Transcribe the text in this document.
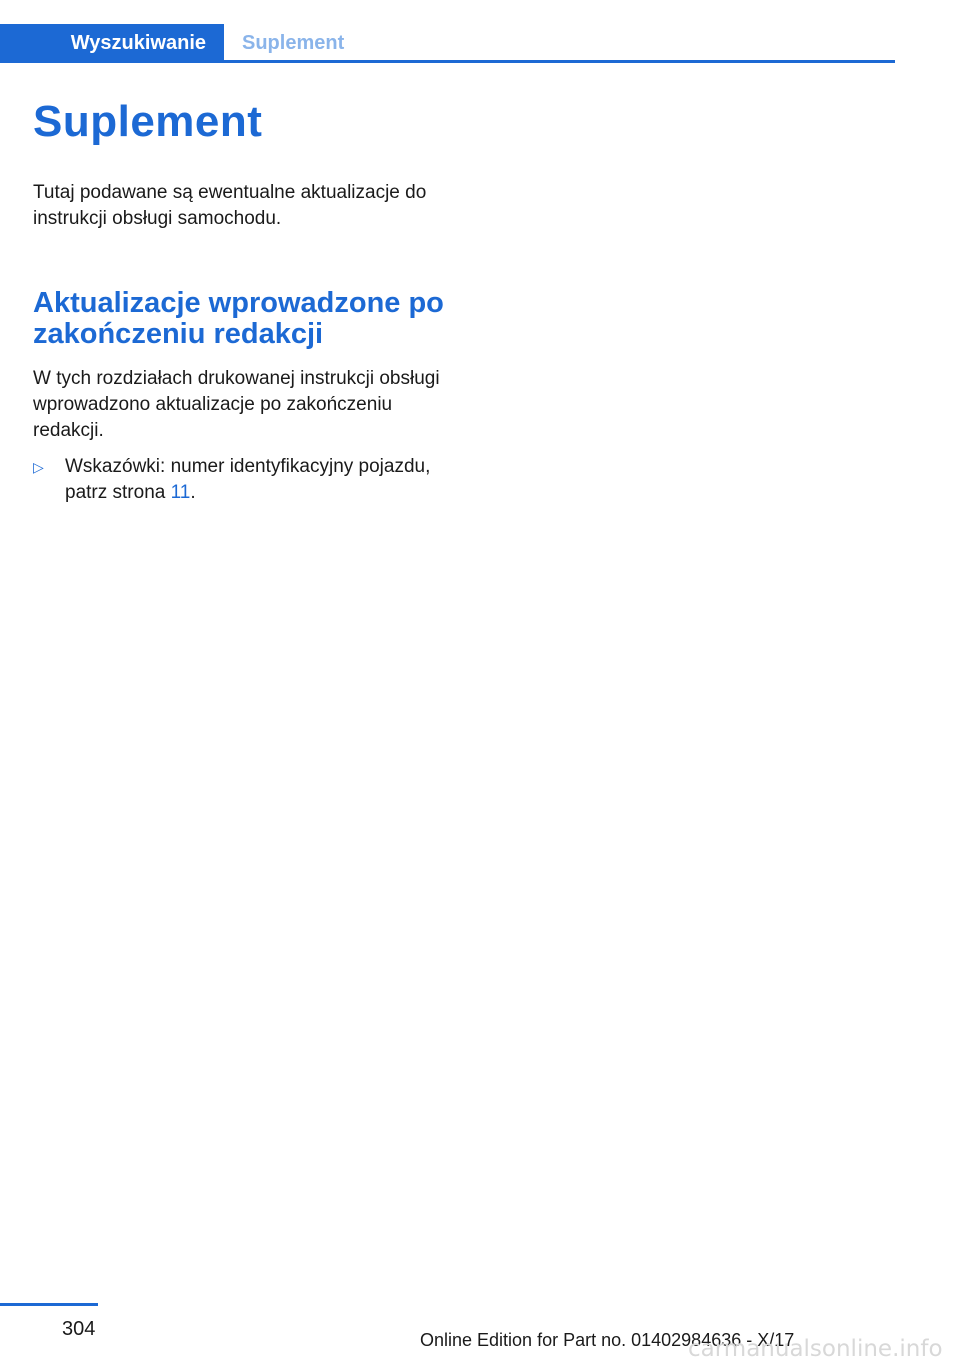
Wyszukiwanie	Suplement
Suplement

Tutaj podawane są ewentualne aktualizacje do instrukcji obsługi samochodu.

Aktualizacje wprowadzone po zakończeniu redakcji

W tych rozdziałach drukowanej instrukcji obsługi wprowadzono aktualizacje po zakończeniu redakcji.

▷	Wskazówki: numer identyfikacyjny pojazdu, patrz strona 11.
304	Online Edition for Part no. 01402984636 - X/17
carmanualsonline.info
